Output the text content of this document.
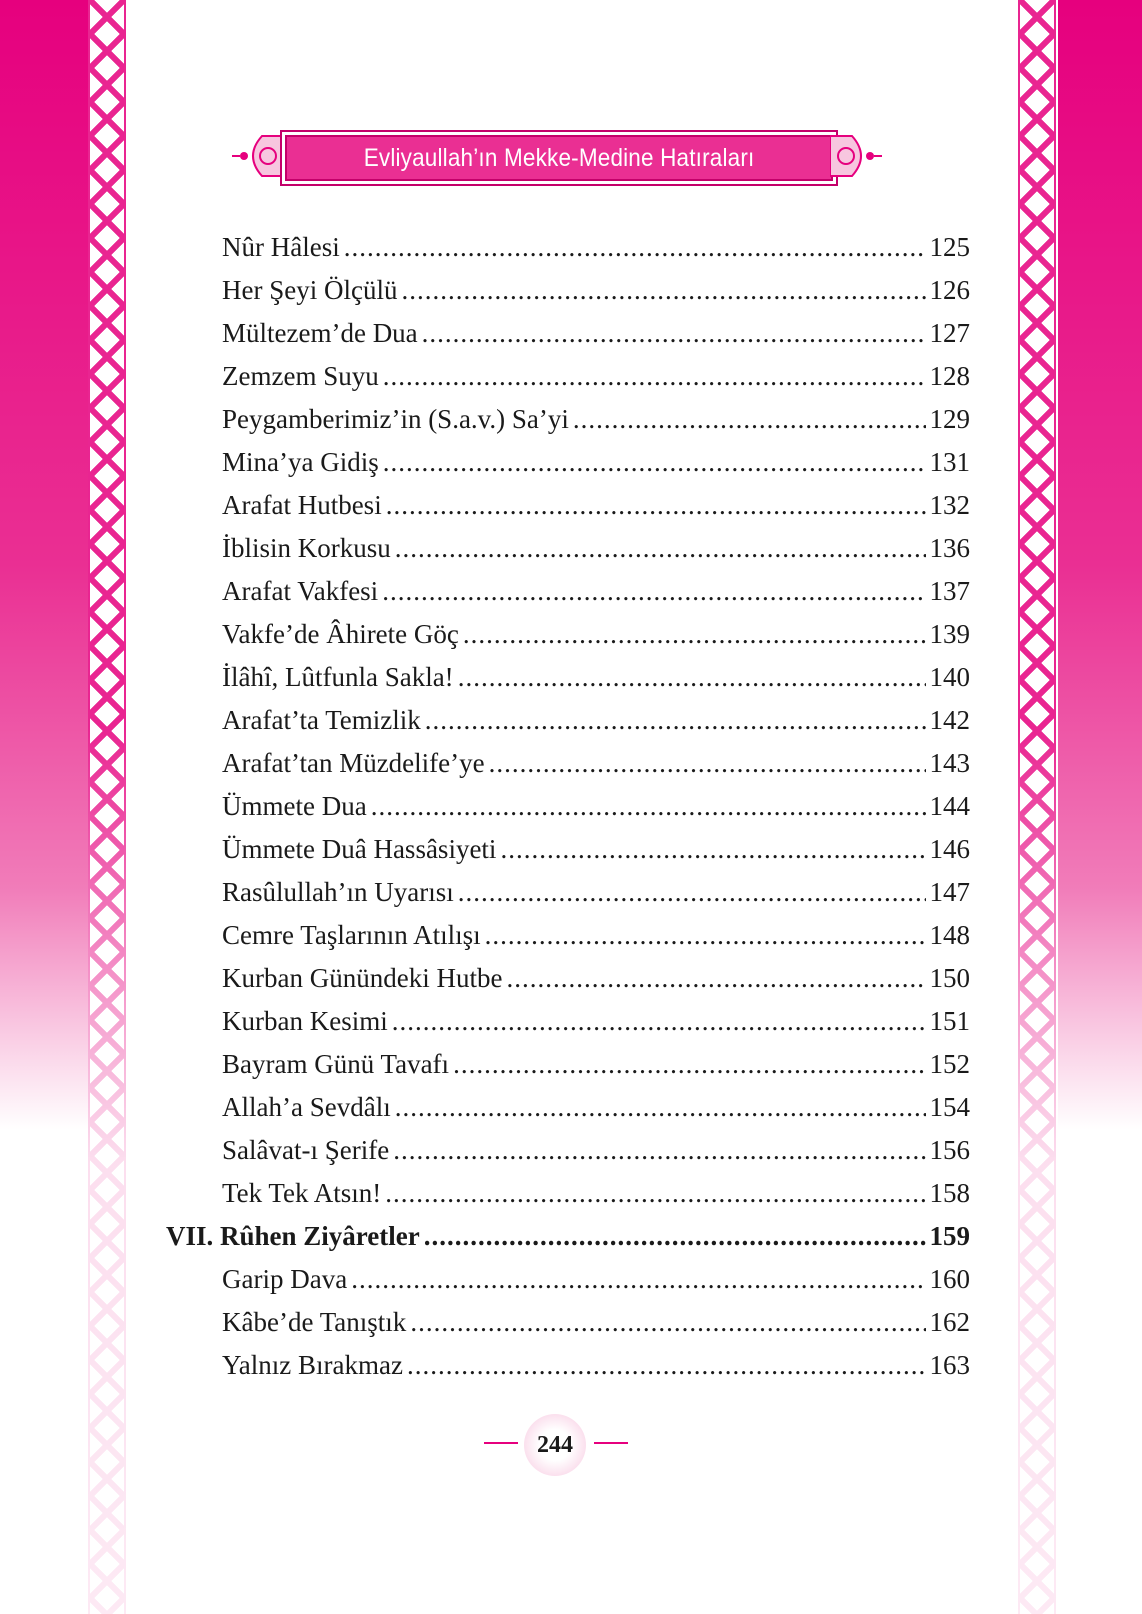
Evliyaullah’ın Mekke-Medine Hatıraları
Nûr Hâlesi .....	125
Her Şeyi Ölçülü .....	126
Mültezem’de Dua .....	127
Zemzem Suyu .....	128
Peygamberimiz’in (S.a.v.) Sa’yi .....	129
Mina’ya Gidiş .....	131
Arafat Hutbesi .....	132
İblisin Korkusu .....	136
Arafat Vakfesi .....	137
Vakfe’de Âhirete Göç .....	139
İlâhî, Lûtfunla Sakla! .....	140
Arafat’ta Temizlik .....	142
Arafat’tan Müzdelife’ye .....	143
Ümmete Dua .....	144
Ümmete Duâ Hassâsiyeti .....	146
Rasûlullah’ın Uyarısı .....	147
Cemre Taşlarının Atılışı .....	148
Kurban Günündeki Hutbe .....	150
Kurban Kesimi .....	151
Bayram Günü Tavafı .....	152
Allah’a Sevdâlı .....	154
Salâvat-ı Şerife .....	156
Tek Tek Atsın! .....	158
VII. Rûhen Ziyâretler .....	159
Garip Dava .....	160
Kâbe’de Tanıştık .....	162
Yalnız Bırakmaz .....	163
244
